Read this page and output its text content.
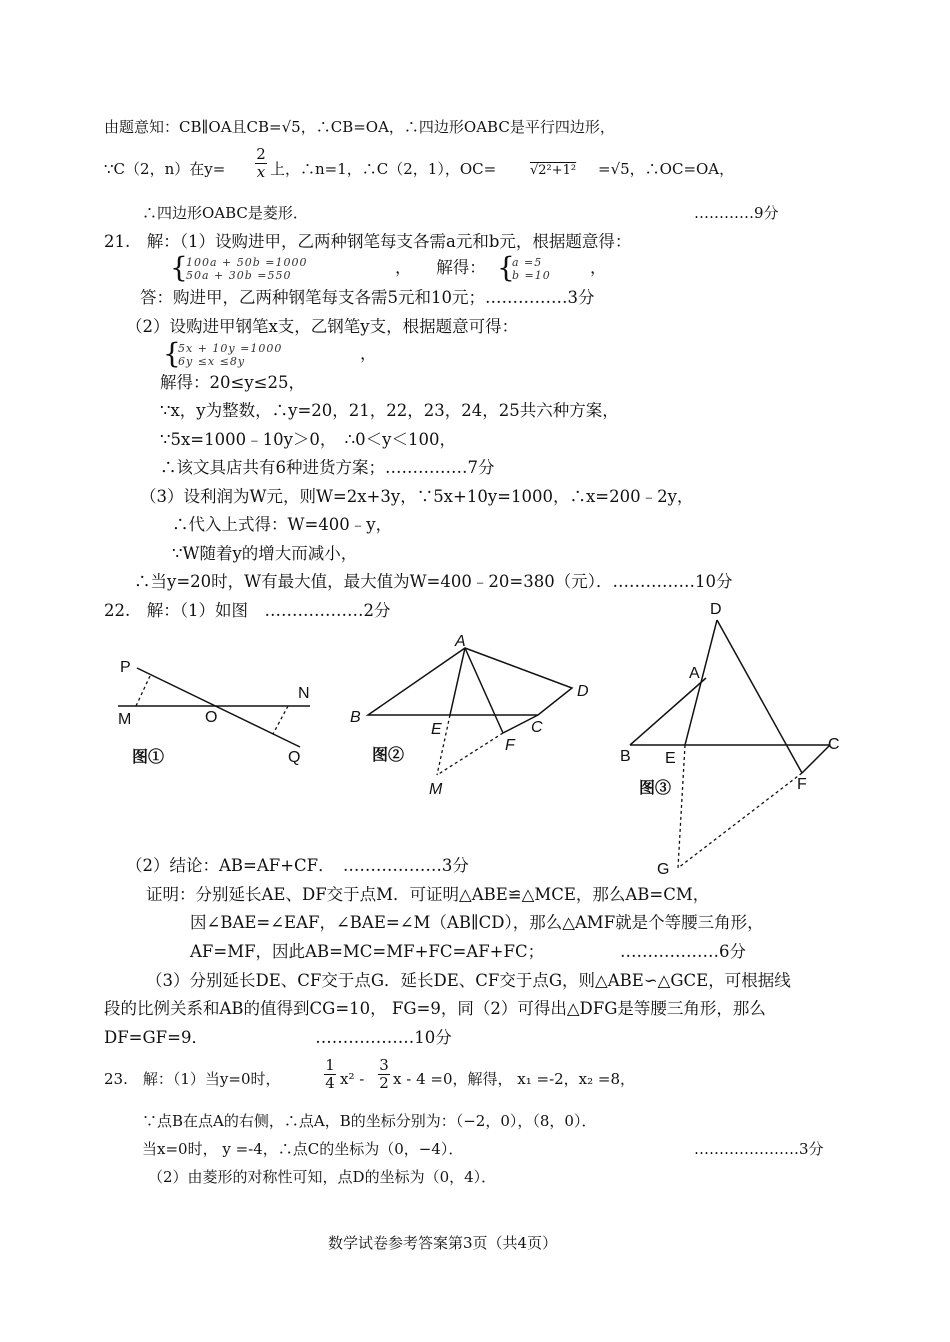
由题意知：CB∥OA且CB=√5，∴CB=OA，∴四边形OABC是平行四边形，
∵C（2，n）在y=
2
x 上，∴n=1，∴C（2，1），OC=	√2²+1² =√5，∴OC=OA，
∴四边形OABC是菱形．	…………9分
21.　解：（1）设购进甲，乙两种钢笔每支各需a元和b元，根据题意得：
{
100a + 50b =1000
50a + 30b =550	，　　解得： {
a =5
b =10 ，
答：购进甲，乙两种钢笔每支各需5元和10元；……………3分
（2）设购进甲钢笔x支，乙钢笔y支，根据题意可得：
{
5x + 10y =1000
6y ≤x ≤8y	，
解得：20≤y≤25，
∵x，y为整数，∴y=20，21，22，23，24，25共六种方案，
∵5x=1000﹣10y＞0，　∴0＜y＜100，
∴该文具店共有6种进货方案；……………7分
（3）设利润为W元，则W=2x+3y，∵5x+10y=1000，∴x=200﹣2y，
∴代入上式得：W=400﹣y，
∵W随着y的增大而减小，
∴当y=20时，W有最大值，最大值为W=400﹣20=380（元）．……………10分
22.　解：（1）如图　………………2分
P
M	O
N
Q
图①
A
B
E
F
C
D
M
图②
D
A
B E
C
F
G
图③
（2）结论：AB=AF+CF．　………………3分
证明：分别延长AE、DF交于点M．可证明△ABE≌△MCE，那么AB=CM，
因∠BAE=∠EAF，∠BAE=∠M（AB∥CD），那么△AMF就是个等腰三角形，
AF=MF，因此AB=MC=MF+FC=AF+FC；	………………6分
（3）分别延长DE、CF交于点G．延长DE、CF交于点G，则△ABE∽△GCE，可根据线
段的比例关系和AB的值得到CG=10， FG=9，同（2）可得出△DFG是等腰三角形，那么
DF=GF=9．　　　　　　　………………10分
23.　解：（1）当y=0时，
1
4 x² -
3
2 x - 4 =0，解得， x₁ =-2，x₂ =8，
∵点B在点A的右侧，∴点A，B的坐标分别为：（−2，0），（8，0）．
当x=0时， y =-4，∴点C的坐标为（0，−4）．	…………………3分
（2）由菱形的对称性可知，点D的坐标为（0，4）．
数学试卷参考答案第3页（共4页）
